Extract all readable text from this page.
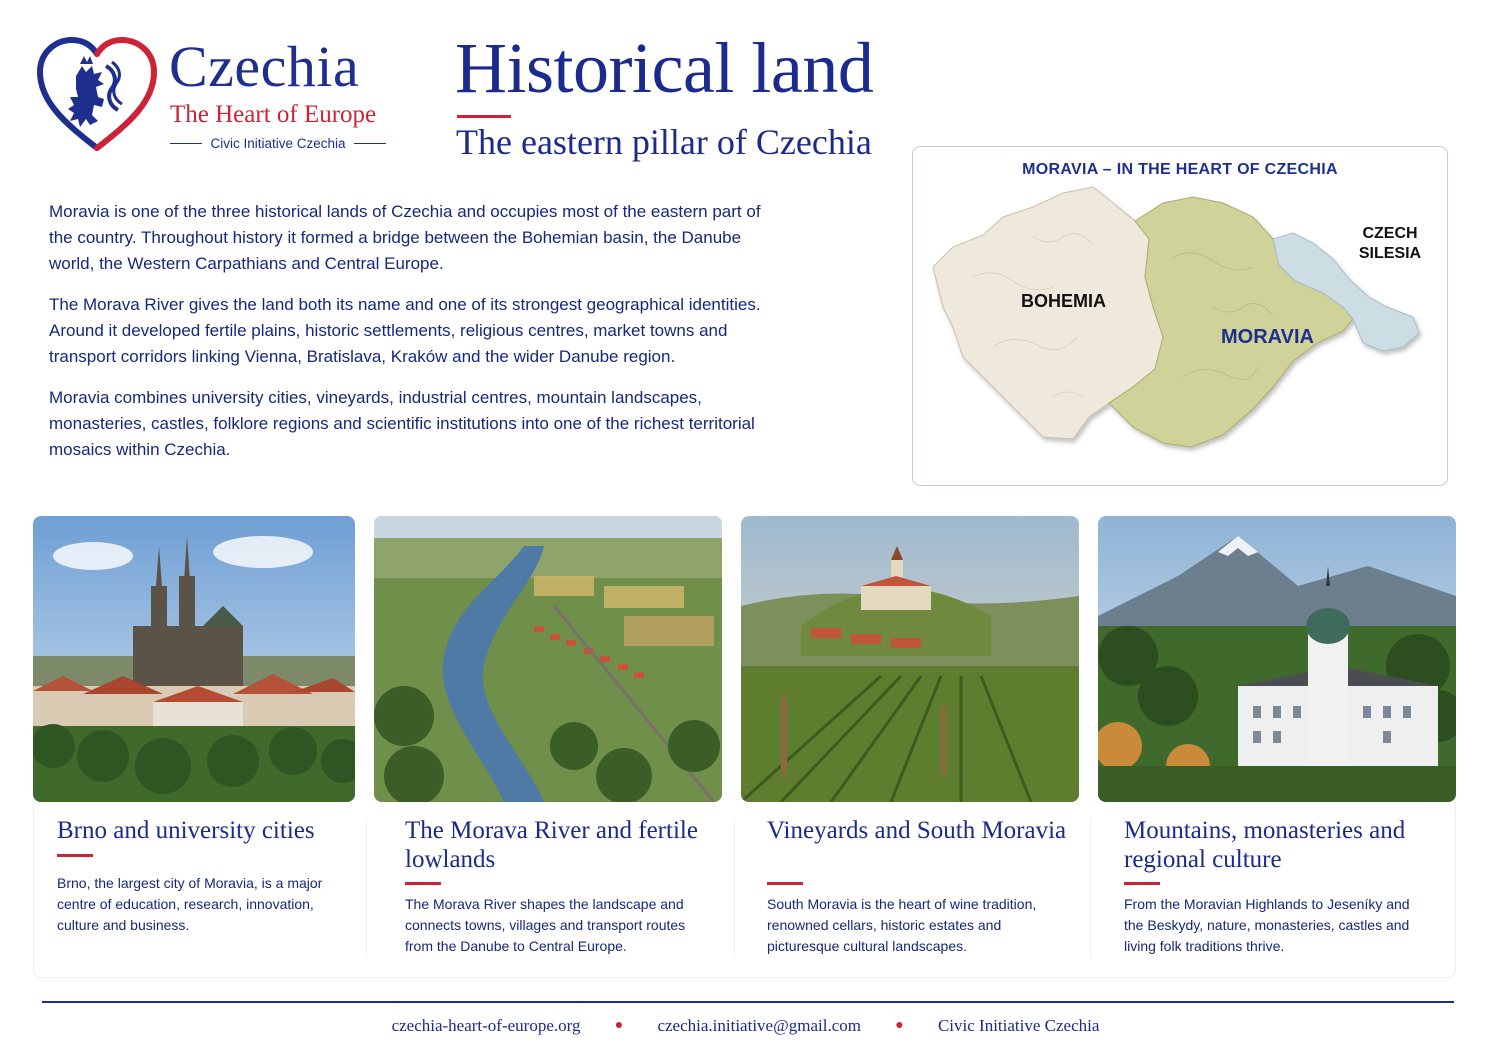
Czechia
The Heart of Europe
Civic Initiative Czechia
Historical land
The eastern pillar of Czechia

Moravia is one of the three historical lands of Czechia and occupies most of the eastern part of the country. Throughout history it formed a bridge between the Bohemian basin, the Danube world, the Western Carpathians and Central Europe.

The Morava River gives the land both its name and one of its strongest geographical identities. Around it developed fertile plains, historic settlements, religious centres, market towns and transport corridors linking Vienna, Bratislava, Kraków and the wider Danube region.

Moravia combines university cities, vineyards, industrial centres, mountain landscapes, monasteries, castles, folklore regions and scientific institutions into one of the richest territorial mosaics within Czechia.

MORAVIA – IN THE HEART OF CZECHIA
BOHEMIA
MORAVIA
CZECH SILESIA
Brno and university cities
Brno, the largest city of Moravia, is a major centre of education, research, innovation, culture and business.
The Morava River and fertile lowlands
The Morava River shapes the landscape and connects towns, villages and transport routes from the Danube to Central Europe.
Vineyards and South Moravia
South Moravia is the heart of wine tradition, renowned cellars, historic estates and picturesque cultural landscapes.
Mountains, monasteries and regional culture
From the Moravian Highlands to Jeseníky and the Beskydy, nature, monasteries, castles and living folk traditions thrive.
czechia-heart-of-europe.org ● czechia.initiative@gmail.com ● Civic Initiative Czechia
